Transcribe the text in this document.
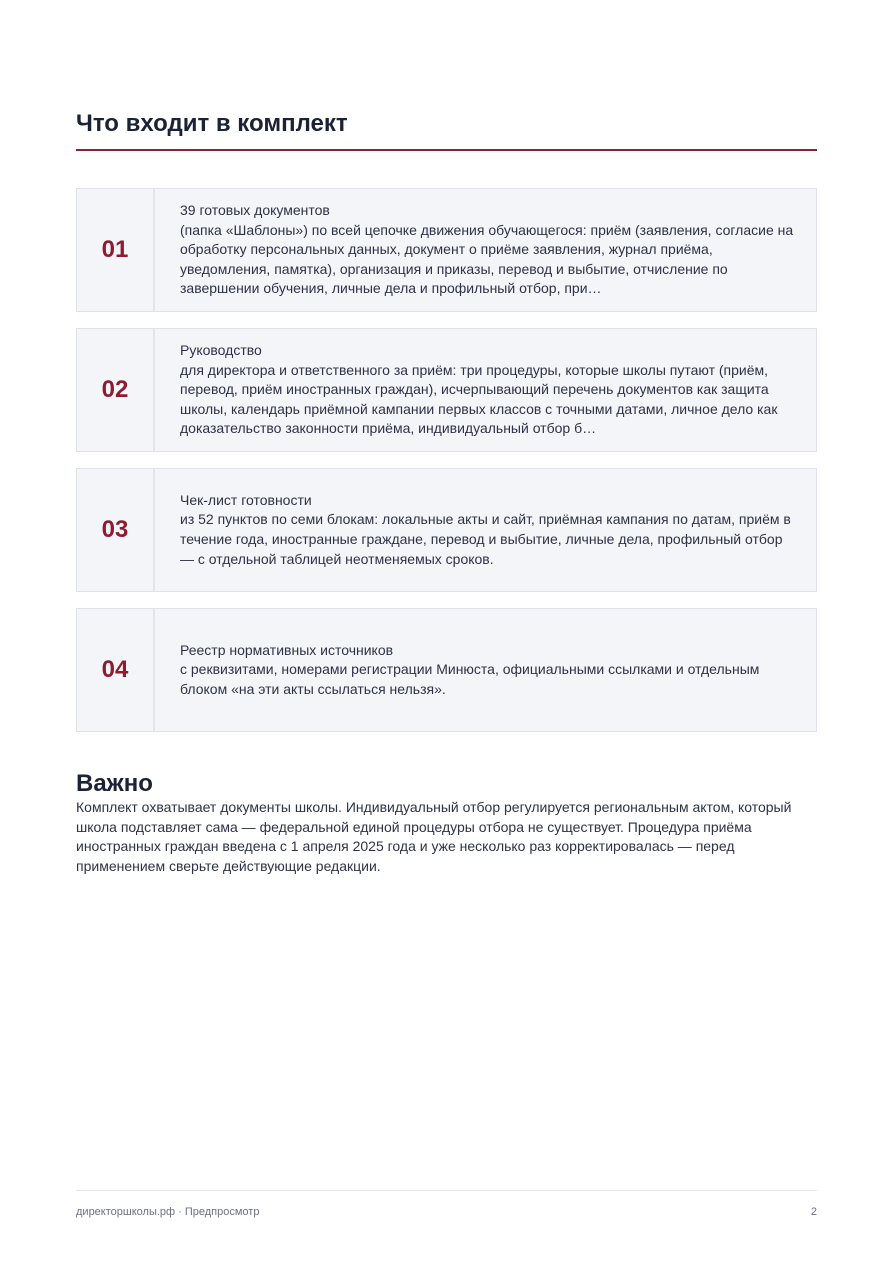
Что входит в комплект
01
39 готовых документов
(папка «Шаблоны») по всей цепочке движения обучающегося: приём (заявления, согласие на обработку персональных данных, документ о приёме заявления, журнал приёма, уведомления, памятка), организация и приказы, перевод и выбытие, отчисление по завершении обучения, личные дела и профильный отбор, при…
02
Руководство
для директора и ответственного за приём: три процедуры, которые школы путают (приём, перевод, приём иностранных граждан), исчерпывающий перечень документов как защита школы, календарь приёмной кампании первых классов с точными датами, личное дело как доказательство законности приёма, индивидуальный отбор б…
03
Чек-лист готовности
из 52 пунктов по семи блокам: локальные акты и сайт, приёмная кампания по датам, приём в течение года, иностранные граждане, перевод и выбытие, личные дела, профильный отбор — с отдельной таблицей неотменяемых сроков.
04
Реестр нормативных источников
с реквизитами, номерами регистрации Минюста, официальными ссылками и отдельным блоком «на эти акты ссылаться нельзя».
Важно

Комплект охватывает документы школы. Индивидуальный отбор регулируется региональным актом, который школа подставляет сама — федеральной единой процедуры отбора не существует. Процедура приёма иностранных граждан введена с 1 апреля 2025 года и уже несколько раз корректировалась — перед применением сверьте действующие редакции.

директоршколы.рф · Предпросмотр	2
